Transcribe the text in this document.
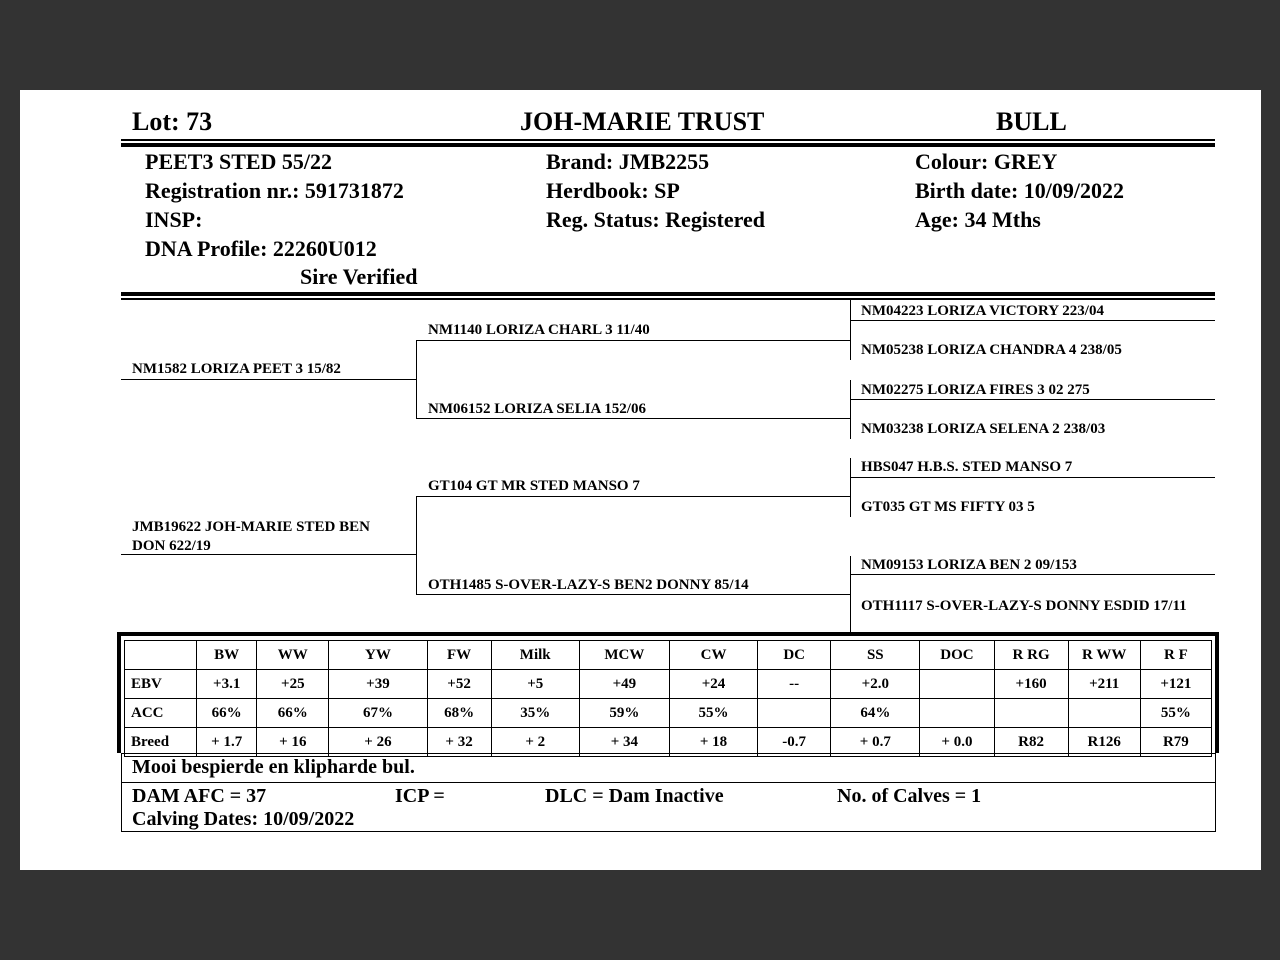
Lot: 73	JOH-MARIE TRUST	BULL
PEET3 STED 55/22
Registration nr.: 591731872
INSP:
DNA Profile: 22260U012
Sire Verified
Brand: JMB2255
Herdbook: SP
Reg. Status: Registered
Colour: GREY
Birth date: 10/09/2022
Age: 34 Mths
NM1582 LORIZA PEET 3 15/82
JMB19622 JOH-MARIE STED BEN DON 622/19
NM1140 LORIZA CHARL 3 11/40
NM06152 LORIZA SELIA 152/06
GT104 GT MR STED MANSO 7
OTH1485 S-OVER-LAZY-S BEN2 DONNY 85/14
NM04223 LORIZA VICTORY 223/04
NM05238 LORIZA CHANDRA 4 238/05
NM02275 LORIZA FIRES 3 02 275
NM03238 LORIZA SELENA 2 238/03
HBS047 H.B.S. STED MANSO 7
GT035 GT MS FIFTY 03 5
NM09153 LORIZA BEN 2 09/153
OTH1117 S-OVER-LAZY-S DONNY ESDID 17/11
	BW	WW	YW	FW	Milk	MCW	CW	DC	SS	DOC	R RG	R WW	R F
EBV	+3.1	+25	+39	+52	+5	+49	+24	--	+2.0		+160	+211	+121
ACC	66%	66%	67%	68%	35%	59%	55%		64%				55%
Breed	+ 1.7	+ 16	+ 26	+ 32	+ 2	+ 34	+ 18	-0.7	+ 0.7	+ 0.0	R82	R126	R79
Mooi bespierde en klipharde bul.
DAM AFC = 37	ICP =	DLC = Dam Inactive	No. of Calves = 1
Calving Dates: 10/09/2022
